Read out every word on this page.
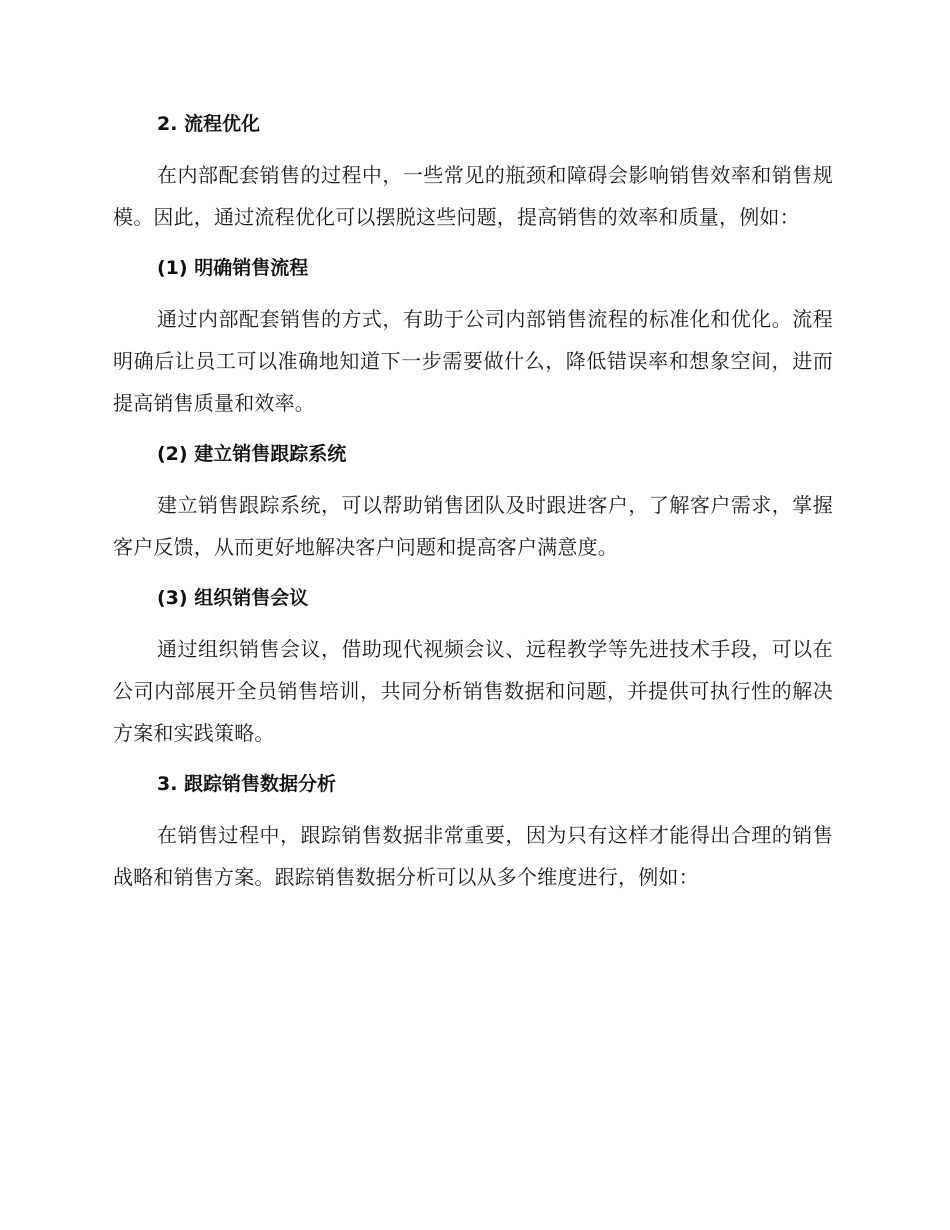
2. 流程优化

在内部配套销售的过程中，一些常见的瓶颈和障碍会影响销售效率和销售规模。因此，通过流程优化可以摆脱这些问题，提高销售的效率和质量，例如：

(1) 明确销售流程

通过内部配套销售的方式，有助于公司内部销售流程的标准化和优化。流程明确后让员工可以准确地知道下一步需要做什么，降低错误率和想象空间，进而提高销售质量和效率。

(2) 建立销售跟踪系统

建立销售跟踪系统，可以帮助销售团队及时跟进客户，了解客户需求，掌握客户反馈，从而更好地解决客户问题和提高客户满意度。

(3) 组织销售会议

通过组织销售会议，借助现代视频会议、远程教学等先进技术手段，可以在公司内部展开全员销售培训，共同分析销售数据和问题，并提供可执行性的解决方案和实践策略。

3. 跟踪销售数据分析

在销售过程中，跟踪销售数据非常重要，因为只有这样才能得出合理的销售战略和销售方案。跟踪销售数据分析可以从多个维度进行，例如：
